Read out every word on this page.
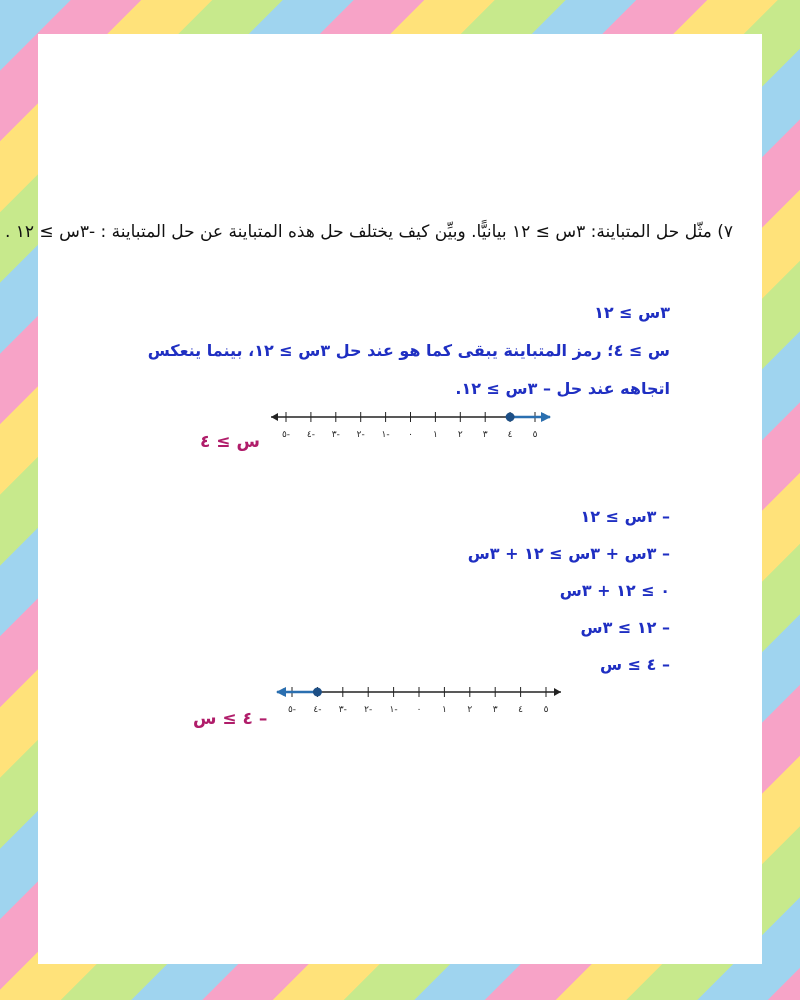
٧) مثّل حل المتباينة: ٣س ≥ ١٢ بيانيًّا. وبيِّن كيف يختلف حل هذه المتباينة عن حل المتباينة : -٣س ≥ ١٢ .
٣س ≥ ١٢
س ≥ ٤؛ رمز المتباينة يبقى كما هو عند حل ٣س ≥ ١٢، بينما ينعكس
اتجاهه عند حل – ٣س ≥ ١٢.
٥- ٤- ٣- ٢- ١- ٠ ١ ٢ ٣ ٤ ٥
س ≥ ٤
– ٣س ≥ ١٢
– ٣س + ٣س ≥ ١٢ + ٣س
٠ ≥ ١٢ + ٣س
– ١٢ ≥ ٣س
– ٤ ≥ س
٥- ٤- ٣- ٢- ١- ٠ ١ ٢ ٣ ٤ ٥
– ٤ ≥ س
